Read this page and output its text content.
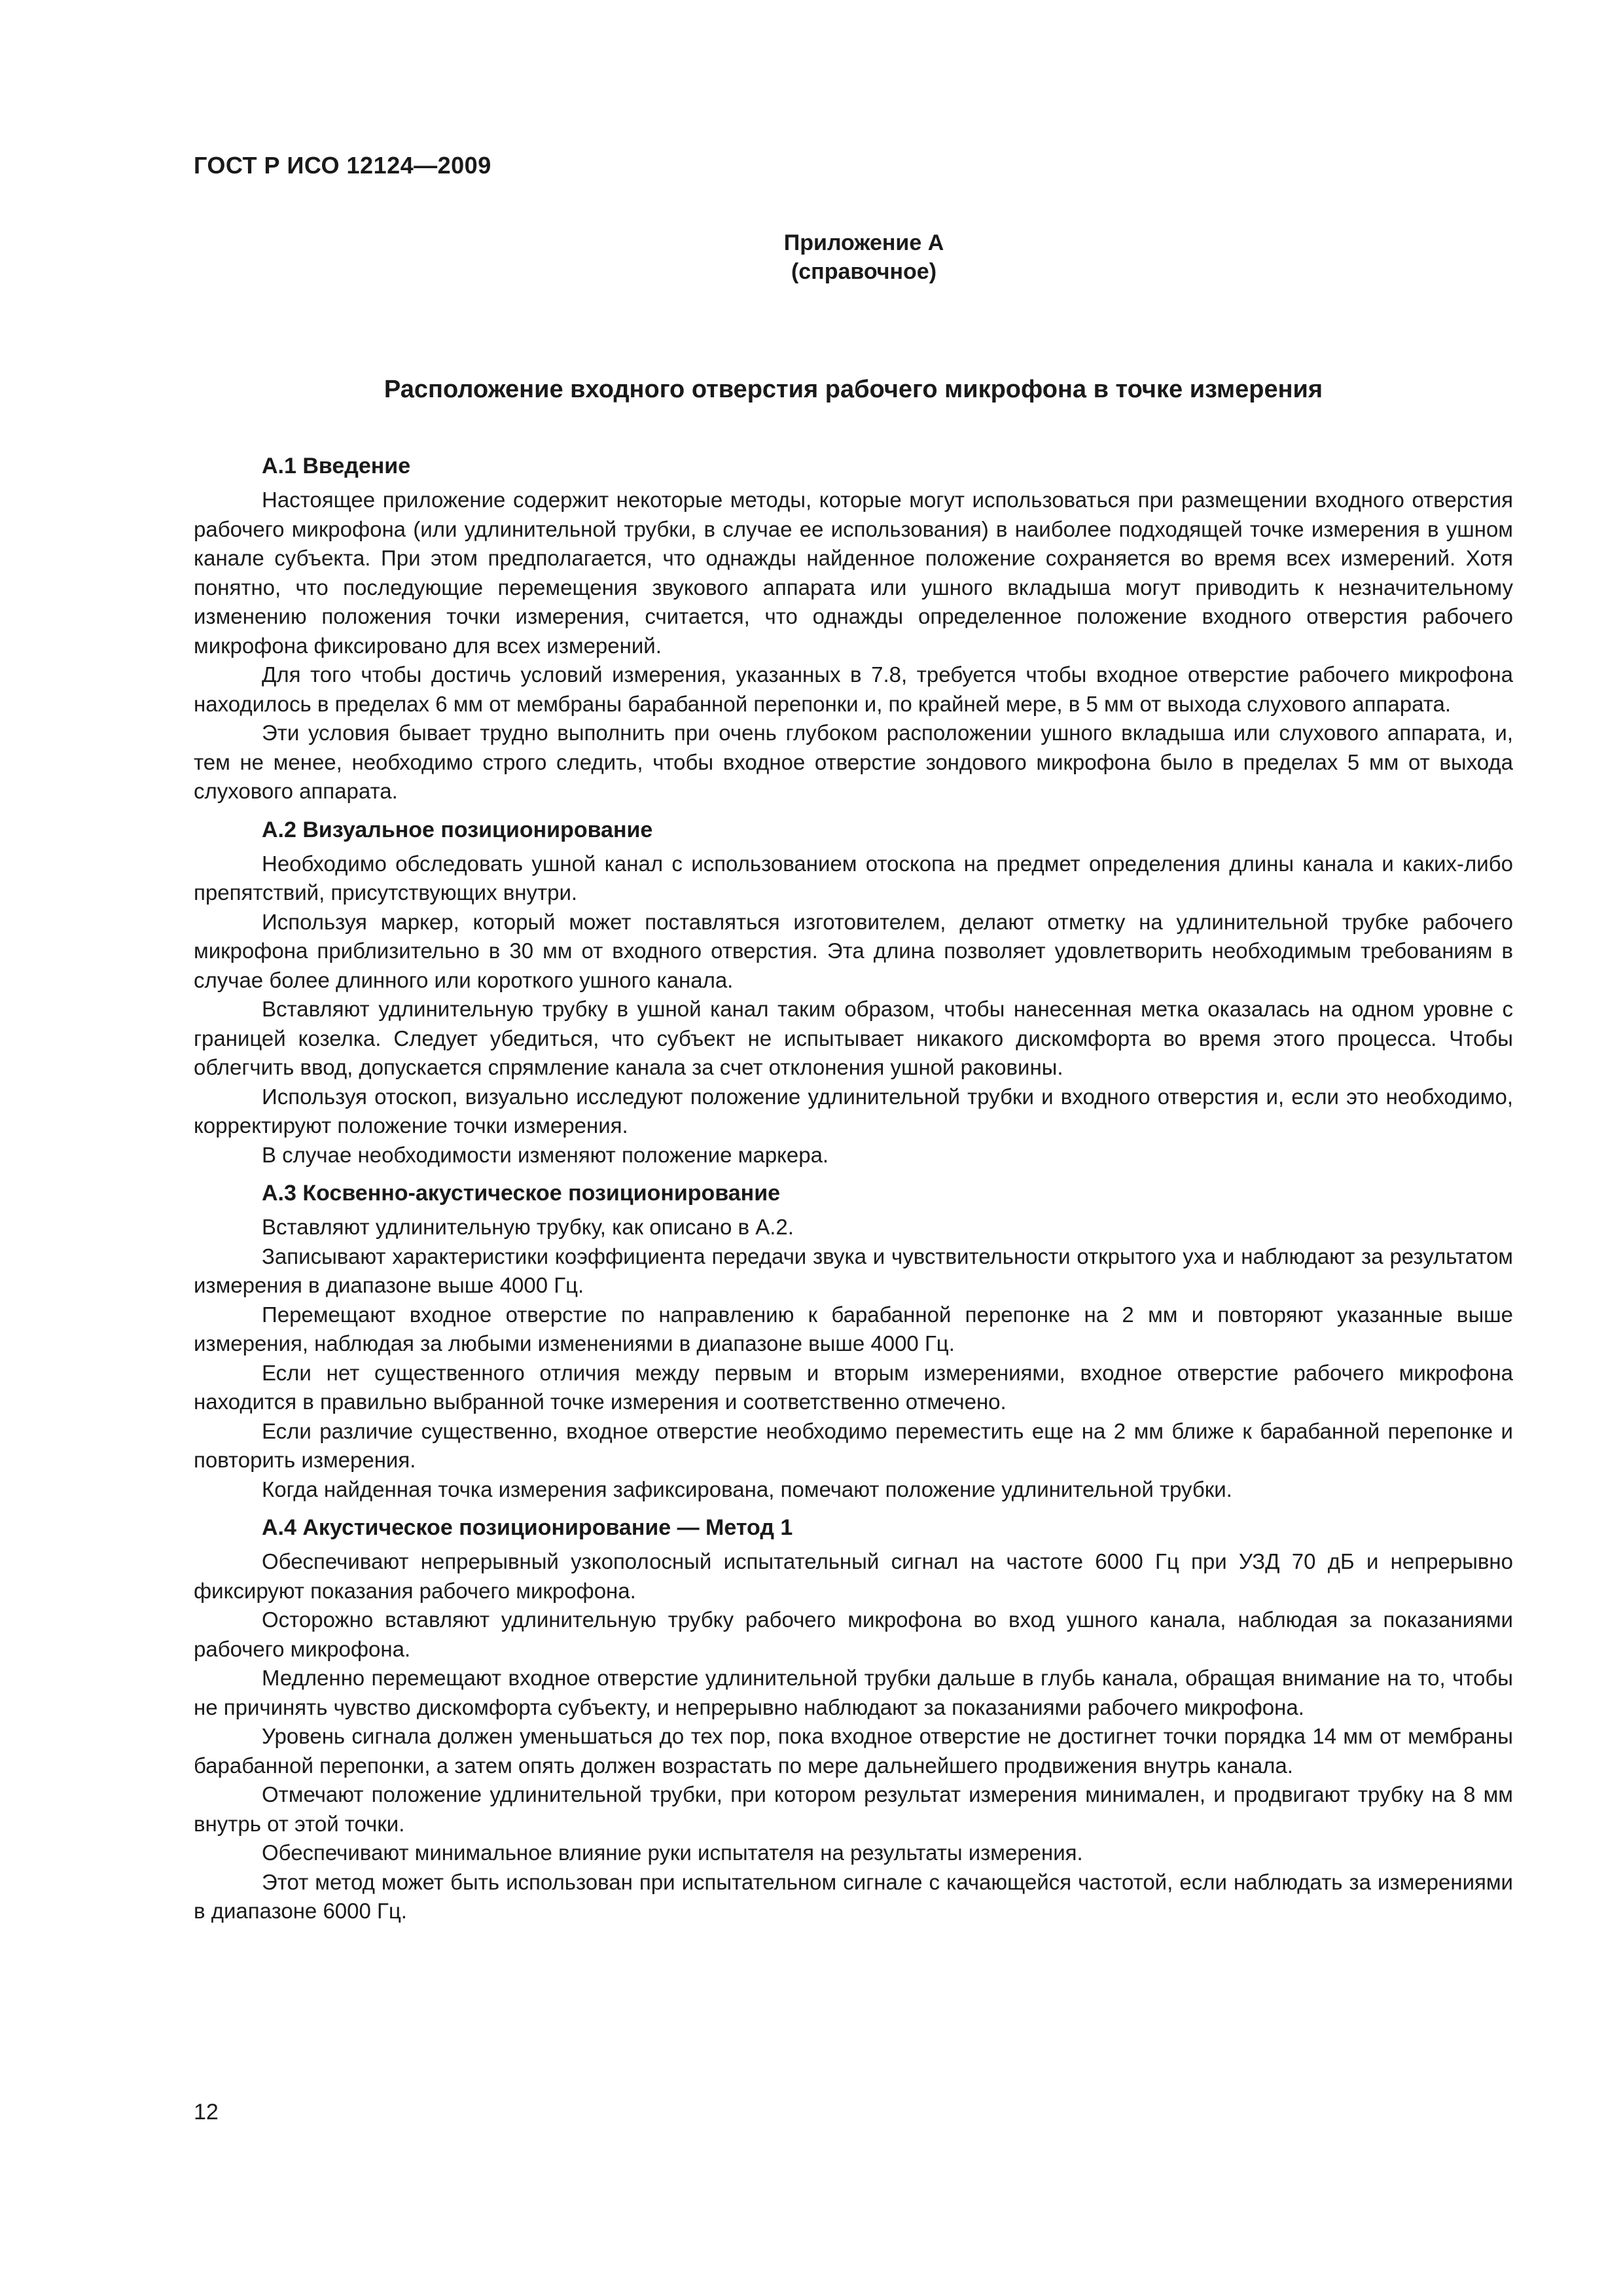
ГОСТ Р ИСО 12124—2009
Приложение А
(справочное)
Расположение входного отверстия рабочего микрофона в точке измерения
А.1 Введение

Настоящее приложение содержит некоторые методы, которые могут использоваться при размещении входного отверстия рабочего микрофона (или удлинительной трубки, в случае ее использования) в наиболее подходящей точке измерения в ушном канале субъекта. При этом предполагается, что однажды найденное положение сохраняется во время всех измерений. Хотя понятно, что последующие перемещения звукового аппарата или ушного вкладыша могут приводить к незначительному изменению положения точки измерения, считается, что однажды определенное положение входного отверстия рабочего микрофона фиксировано для всех измерений.

Для того чтобы достичь условий измерения, указанных в 7.8, требуется чтобы входное отверстие рабочего микрофона находилось в пределах 6 мм от мембраны барабанной перепонки и, по крайней мере, в 5 мм от выхода слухового аппарата.

Эти условия бывает трудно выполнить при очень глубоком расположении ушного вкладыша или слухового аппарата, и, тем не менее, необходимо строго следить, чтобы входное отверстие зондового микрофона было в пределах 5 мм от выхода слухового аппарата.

А.2 Визуальное позиционирование

Необходимо обследовать ушной канал с использованием отоскопа на предмет определения длины канала и каких-либо препятствий, присутствующих внутри.

Используя маркер, который может поставляться изготовителем, делают отметку на удлинительной трубке рабочего микрофона приблизительно в 30 мм от входного отверстия. Эта длина позволяет удовлетворить необходимым требованиям в случае более длинного или короткого ушного канала.

Вставляют удлинительную трубку в ушной канал таким образом, чтобы нанесенная метка оказалась на одном уровне с границей козелка. Следует убедиться, что субъект не испытывает никакого дискомфорта во время этого процесса. Чтобы облегчить ввод, допускается спрямление канала за счет отклонения ушной раковины.

Используя отоскоп, визуально исследуют положение удлинительной трубки и входного отверстия и, если это необходимо, корректируют положение точки измерения.

В случае необходимости изменяют положение маркера.

А.3 Косвенно-акустическое позиционирование

Вставляют удлинительную трубку, как описано в А.2.

Записывают характеристики коэффициента передачи звука и чувствительности открытого уха и наблюдают за результатом измерения в диапазоне выше 4000 Гц.

Перемещают входное отверстие по направлению к барабанной перепонке на 2 мм и повторяют указанные выше измерения, наблюдая за любыми изменениями в диапазоне выше 4000 Гц.

Если нет существенного отличия между первым и вторым измерениями, входное отверстие рабочего микрофона находится в правильно выбранной точке измерения и соответственно отмечено.

Если различие существенно, входное отверстие необходимо переместить еще на 2 мм ближе к барабанной перепонке и повторить измерения.

Когда найденная точка измерения зафиксирована, помечают положение удлинительной трубки.

А.4 Акустическое позиционирование — Метод 1

Обеспечивают непрерывный узкополосный испытательный сигнал на частоте 6000 Гц при УЗД 70 дБ и непрерывно фиксируют показания рабочего микрофона.

Осторожно вставляют удлинительную трубку рабочего микрофона во вход ушного канала, наблюдая за показаниями рабочего микрофона.

Медленно перемещают входное отверстие удлинительной трубки дальше в глубь канала, обращая внимание на то, чтобы не причинять чувство дискомфорта субъекту, и непрерывно наблюдают за показаниями рабочего микрофона.

Уровень сигнала должен уменьшаться до тех пор, пока входное отверстие не достигнет точки порядка 14 мм от мембраны барабанной перепонки, а затем опять должен возрастать по мере дальнейшего продвижения внутрь канала.

Отмечают положение удлинительной трубки, при котором результат измерения минимален, и продвигают трубку на 8 мм внутрь от этой точки.

Обеспечивают минимальное влияние руки испытателя на результаты измерения.

Этот метод может быть использован при испытательном сигнале с качающейся частотой, если наблюдать за измерениями в диапазоне 6000 Гц.

12
